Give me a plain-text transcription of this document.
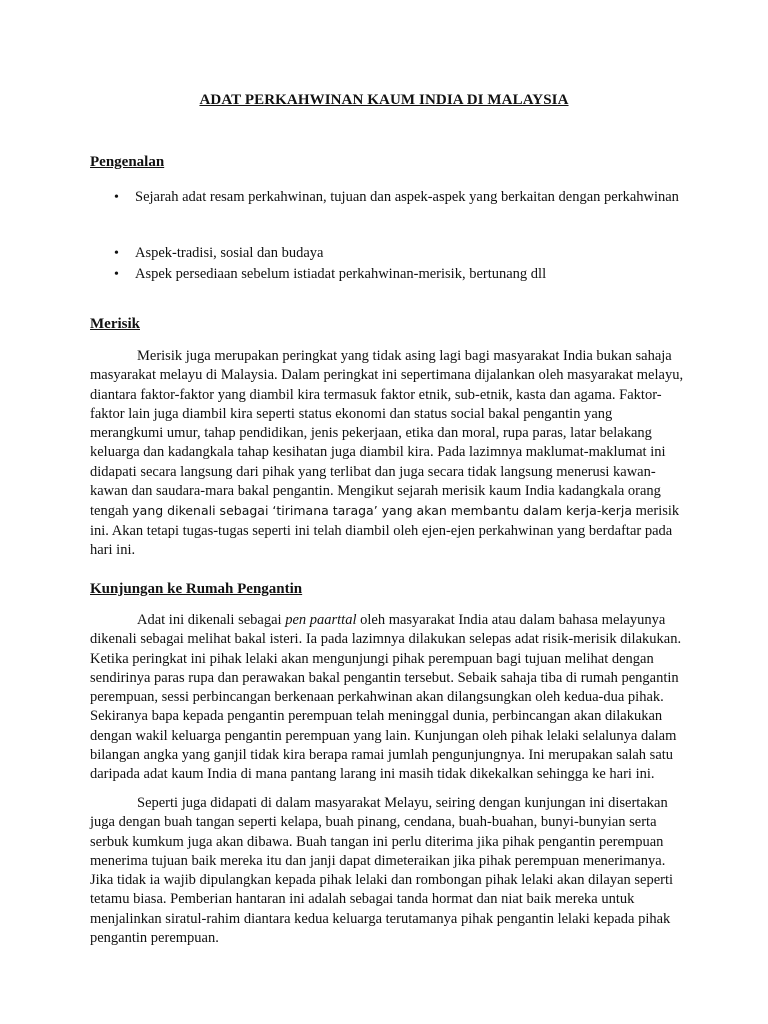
ADAT PERKAHWINAN KAUM INDIA DI MALAYSIA
Pengenalan
• Sejarah adat resam perkahwinan, tujuan dan aspek-aspek yang berkaitan dengan perkahwinan
• Aspek-tradisi, sosial dan budaya
• Aspek persediaan sebelum istiadat perkahwinan-merisik, bertunang dll
Merisik

Merisik juga merupakan peringkat yang tidak asing lagi bagi masyarakat India bukan sahaja masyarakat melayu di Malaysia. Dalam peringkat ini sepertimana dijalankan oleh masyarakat melayu, diantara faktor-faktor yang diambil kira termasuk faktor etnik, sub-etnik, kasta dan agama. Faktor-faktor lain juga diambil kira seperti status ekonomi dan status social bakal pengantin yang merangkumi umur, tahap pendidikan, jenis pekerjaan, etika dan moral, rupa paras, latar belakang keluarga dan kadangkala tahap kesihatan juga diambil kira. Pada lazimnya maklumat-maklumat ini didapati secara langsung dari pihak yang terlibat dan juga secara tidak langsung menerusi kawan-kawan dan saudara-mara bakal pengantin. Mengikut sejarah merisik kaum India kadangkala orang tengah yang dikenali sebagai ‘tirimana taraga’ yang akan membantu dalam kerja-kerja merisik ini. Akan tetapi tugas-tugas seperti ini telah diambil oleh ejen-ejen perkahwinan yang berdaftar pada hari ini.

Kunjungan ke Rumah Pengantin

Adat ini dikenali sebagai pen paarttal oleh masyarakat India atau dalam bahasa melayunya dikenali sebagai melihat bakal isteri. Ia pada lazimnya dilakukan selepas adat risik-merisik dilakukan. Ketika peringkat ini pihak lelaki akan mengunjungi pihak perempuan bagi tujuan melihat dengan sendirinya paras rupa dan perawakan bakal pengantin tersebut. Sebaik sahaja tiba di rumah pengantin perempuan, sessi perbincangan berkenaan perkahwinan akan dilangsungkan oleh kedua-dua pihak. Sekiranya bapa kepada pengantin perempuan telah meninggal dunia, perbincangan akan dilakukan dengan wakil keluarga pengantin perempuan yang lain. Kunjungan oleh pihak lelaki selalunya dalam bilangan angka yang ganjil tidak kira berapa ramai jumlah pengunjungnya. Ini merupakan salah satu daripada adat kaum India di mana pantang larang ini masih tidak dikekalkan sehingga ke hari ini.

Seperti juga didapati di dalam masyarakat Melayu, seiring dengan kunjungan ini disertakan juga dengan buah tangan seperti kelapa, buah pinang, cendana, buah-buahan, bunyi-bunyian serta serbuk kumkum juga akan dibawa. Buah tangan ini perlu diterima jika pihak pengantin perempuan menerima tujuan baik mereka itu dan janji dapat dimeteraikan jika pihak perempuan menerimanya. Jika tidak ia wajib dipulangkan kepada pihak lelaki dan rombongan pihak lelaki akan dilayan seperti tetamu biasa. Pemberian hantaran ini adalah sebagai tanda hormat dan niat baik mereka untuk menjalinkan siratul-rahim diantara kedua keluarga terutamanya pihak pengantin lelaki kepada pihak pengantin perempuan.
